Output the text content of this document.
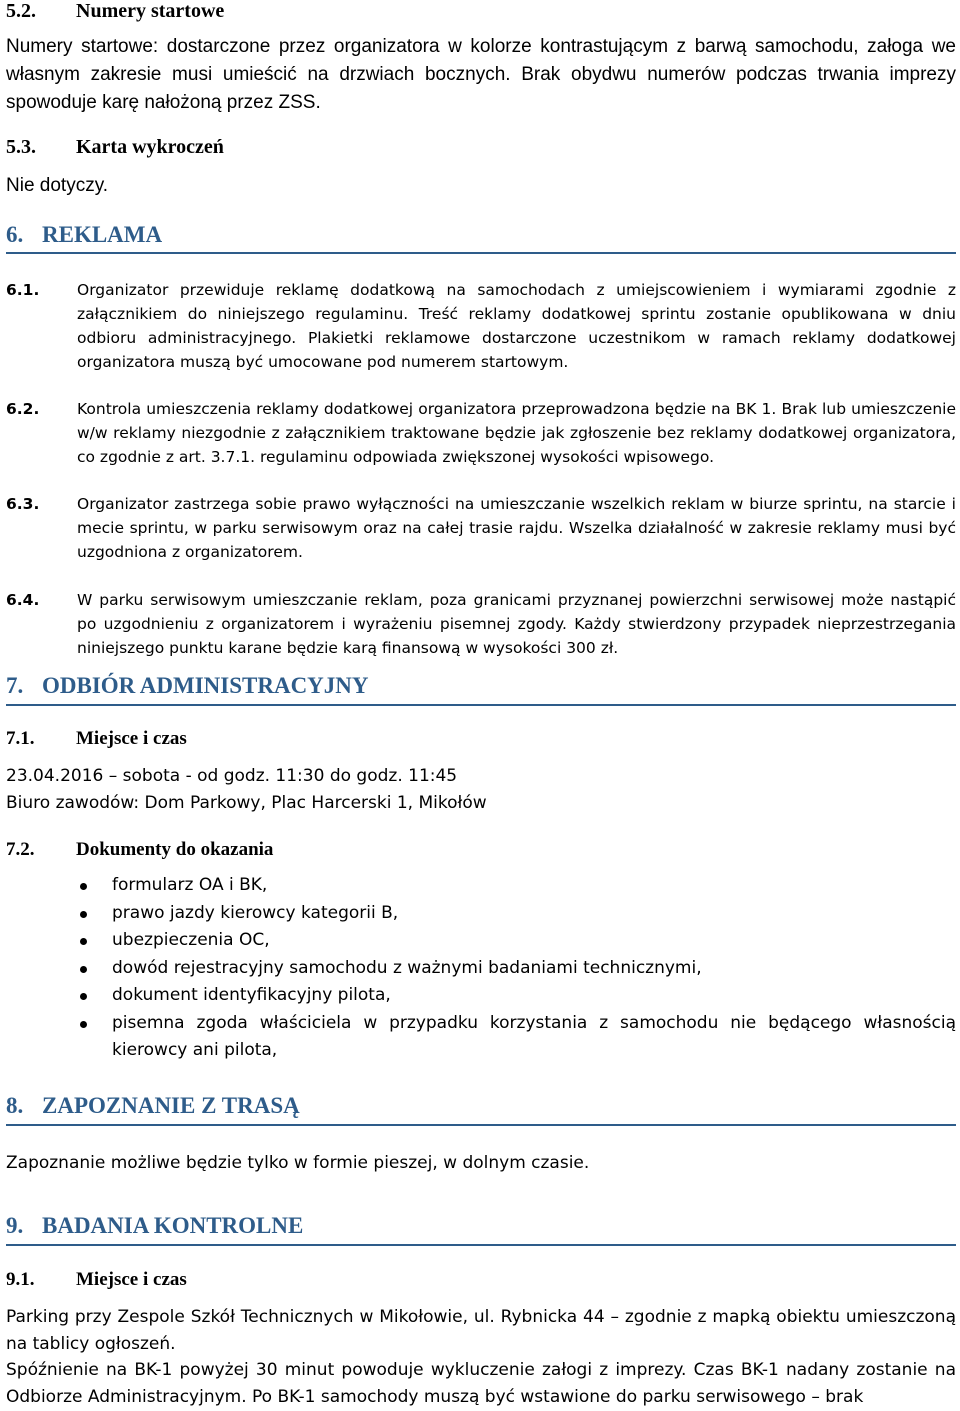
5.2. Numery startowe
Numery startowe: dostarczone przez organizatora w kolorze kontrastującym z barwą samochodu, załoga we własnym zakresie musi umieścić na drzwiach bocznych. Brak obydwu numerów podczas trwania imprezy spowoduje karę nałożoną przez ZSS.
5.3. Karta wykroczeń
Nie dotyczy.
6. REKLAMA
6.1. Organizator przewiduje reklamę dodatkową na samochodach z umiejscowieniem i wymiarami zgodnie z załącznikiem do niniejszego regulaminu. Treść reklamy dodatkowej sprintu zostanie opublikowana w dniu odbioru administracyjnego. Plakietki reklamowe dostarczone uczestnikom w ramach reklamy dodatkowej organizatora muszą być umocowane pod numerem startowym.
6.2. Kontrola umieszczenia reklamy dodatkowej organizatora przeprowadzona będzie na BK 1. Brak lub umieszczenie w/w reklamy niezgodnie z załącznikiem traktowane będzie jak zgłoszenie bez reklamy dodatkowej organizatora, co zgodnie z art. 3.7.1. regulaminu odpowiada zwiększonej wysokości wpisowego.
6.3. Organizator zastrzega sobie prawo wyłączności na umieszczanie wszelkich reklam w biurze sprintu, na starcie i mecie sprintu, w parku serwisowym oraz na całej trasie rajdu. Wszelka działalność w zakresie reklamy musi być uzgodniona z organizatorem.
6.4. W parku serwisowym umieszczanie reklam, poza granicami przyznanej powierzchni serwisowej może nastąpić po uzgodnieniu z organizatorem i wyrażeniu pisemnej zgody. Każdy stwierdzony przypadek nieprzestrzegania niniejszego punktu karane będzie karą finansową w wysokości 300 zł.
7. ODBIÓR ADMINISTRACYJNY
7.1. Miejsce i czas
23.04.2016 – sobota - od godz. 11:30 do godz. 11:45
Biuro zawodów: Dom Parkowy, Plac Harcerski 1, Mikołów
7.2. Dokumenty do okazania
formularz OA i BK,
prawo jazdy kierowcy kategorii B,
ubezpieczenia OC,
dowód rejestracyjny samochodu z ważnymi badaniami technicznymi,
dokument identyfikacyjny pilota,
pisemna zgoda właściciela w przypadku korzystania z samochodu nie będącego własnością kierowcy ani pilota,
8. ZAPOZNANIE Z TRASĄ
Zapoznanie możliwe będzie tylko w formie pieszej, w dolnym czasie.
9. BADANIA KONTROLNE
9.1. Miejsce i czas
Parking przy Zespole Szkół Technicznych w Mikołowie, ul. Rybnicka 44 – zgodnie z mapką obiektu umieszczoną na tablicy ogłoszeń.
Spóźnienie na BK-1 powyżej 30 minut powoduje wykluczenie załogi z imprezy. Czas BK-1 nadany zostanie na Odbiorze Administracyjnym. Po BK-1 samochody muszą być wstawione do parku serwisowego – brak
